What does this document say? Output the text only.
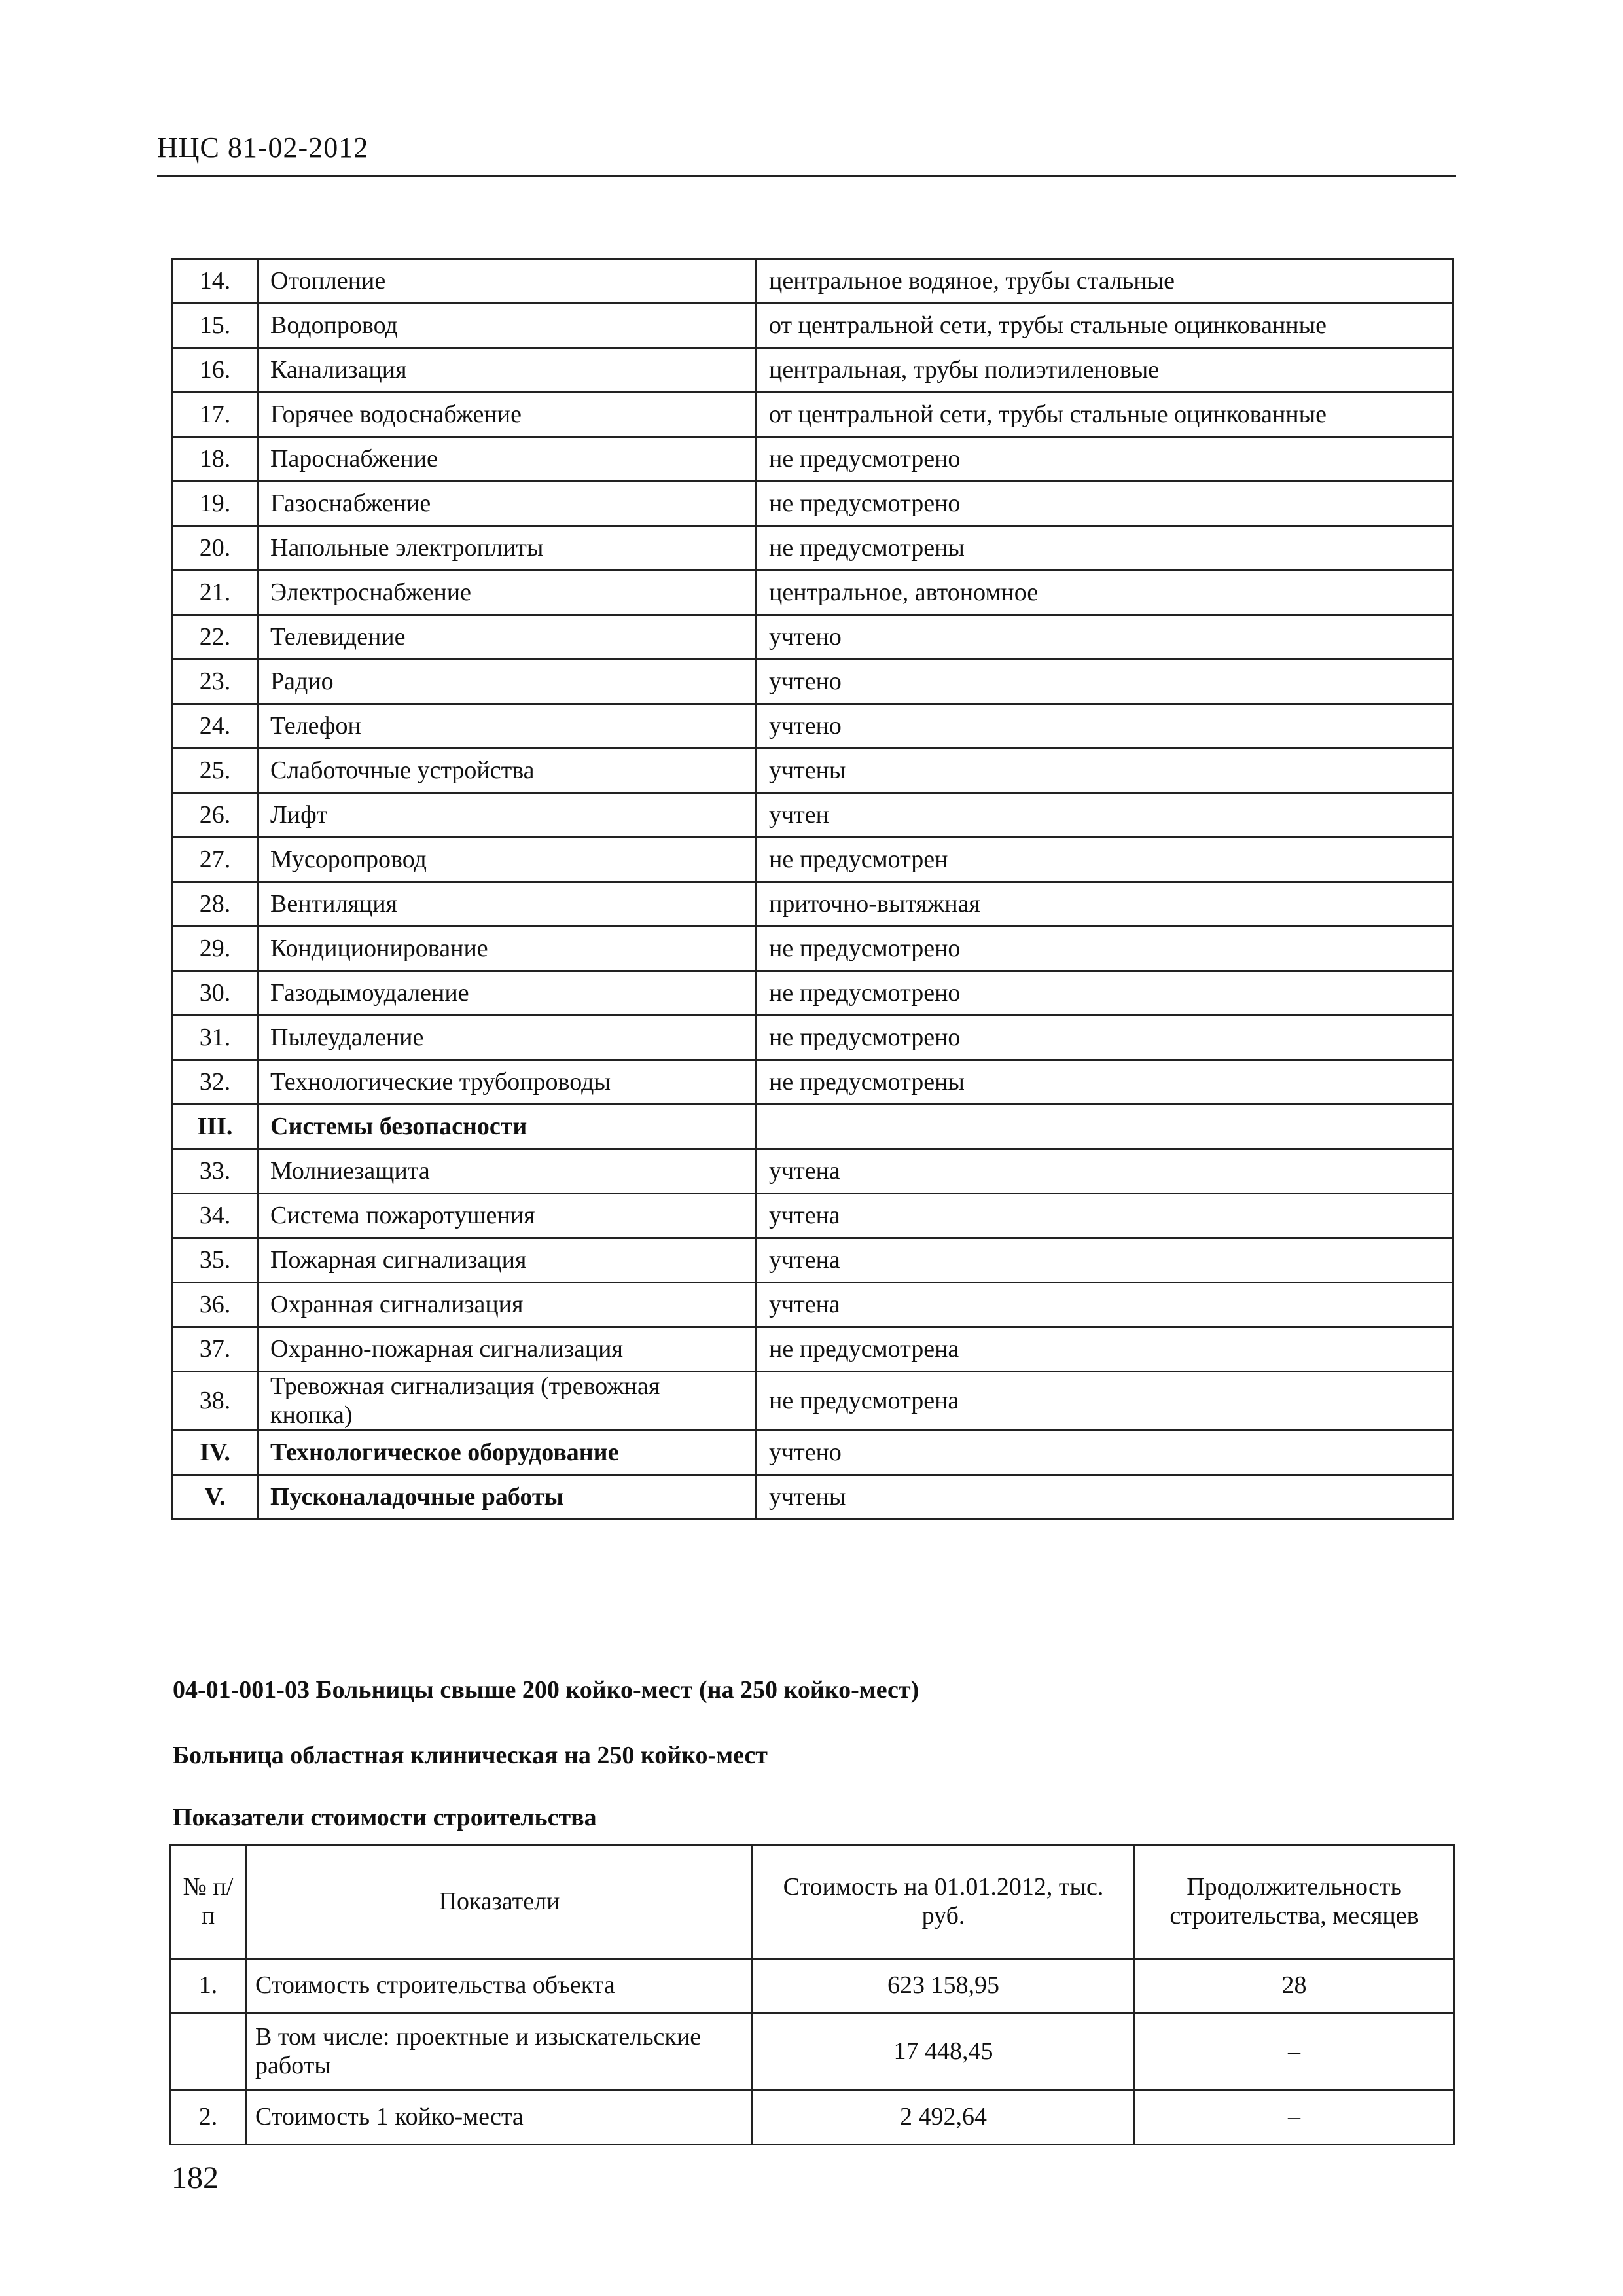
НЦС 81-02-2012
14.	Отопление	центральное водяное, трубы стальные
15.	Водопровод	от центральной сети, трубы стальные оцинкованные
16.	Канализация	центральная, трубы полиэтиленовые
17.	Горячее водоснабжение	от центральной сети, трубы стальные оцинкованные
18.	Пароснабжение	не предусмотрено
19.	Газоснабжение	не предусмотрено
20.	Напольные электроплиты	не предусмотрены
21.	Электроснабжение	центральное, автономное
22.	Телевидение	учтено
23.	Радио	учтено
24.	Телефон	учтено
25.	Слаботочные устройства	учтены
26.	Лифт	учтен
27.	Мусоропровод	не предусмотрен
28.	Вентиляция	приточно-вытяжная
29.	Кондиционирование	не предусмотрено
30.	Газодымоудаление	не предусмотрено
31.	Пылеудаление	не предусмотрено
32.	Технологические трубопроводы	не предусмотрены
III.	Системы безопасности	
33.	Молниезащита	учтена
34.	Система пожаротушения	учтена
35.	Пожарная сигнализация	учтена
36.	Охранная сигнализация	учтена
37.	Охранно-пожарная сигнализация	не предусмотрена
38.	Тревожная сигнализация (тревожная кнопка)	не предусмотрена
IV.	Технологическое оборудование	учтено
V.	Пусконаладочные работы	учтены
04-01-001-03 Больницы свыше 200 койко-мест (на 250 койко-мест)
Больница областная клиническая на 250 койко-мест
Показатели стоимости строительства
№ п/п	Показатели	Стоимость на 01.01.2012, тыс. руб.	Продолжительность строительства, месяцев
1.	Стоимость строительства объекта	623 158,95	28
	В том числе: проектные и изыскательские работы	17 448,45	–
2.	Стоимость 1 койко-места	2 492,64	–
182
